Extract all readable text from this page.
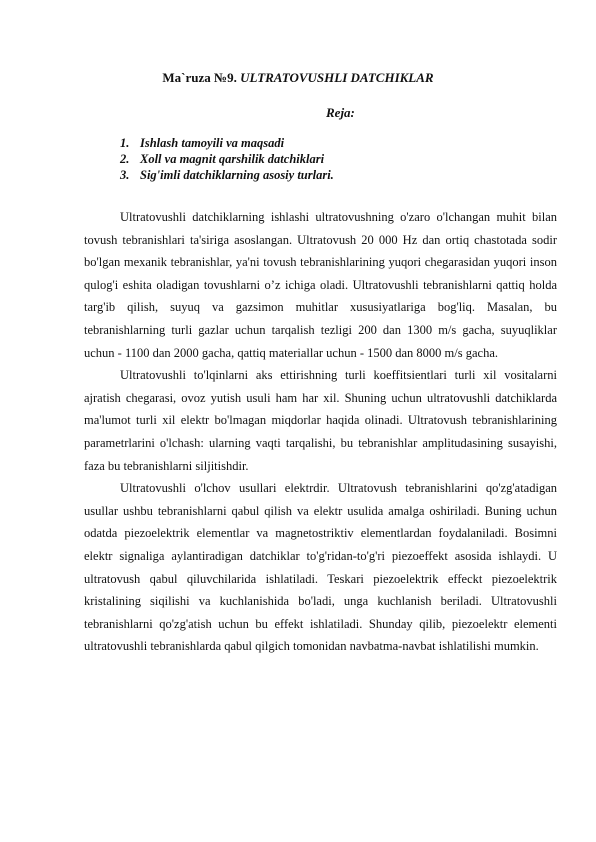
Ma`ruza №9. ULTRATOVUSHLI DATCHIKLAR
Reja:
1. Ishlash tamoyili va maqsadi
2. Xoll va magnit qarshilik datchiklari
3. Sig'imli datchiklarning asosiy turlari.

Ultratovushli datchiklarning ishlashi ultratovushning o'zaro o'lchangan muhit bilan tovush tebranishlari ta'siriga asoslangan. Ultratovush 20 000 Hz dan ortiq chastotada sodir bo'lgan mexanik tebranishlar, ya'ni tovush tebranishlarining yuqori chegarasidan yuqori inson qulog'i eshita oladigan tovushlarni o’z ichiga oladi. Ultratovushli tebranishlarni qattiq holda targ'ib qilish, suyuq va gazsimon muhitlar xususiyatlariga bog'liq. Masalan, bu tebranishlarning turli gazlar uchun tarqalish tezligi 200 dan 1300 m/s gacha, suyuqliklar uchun - 1100 dan 2000 gacha, qattiq materiallar uchun - 1500 dan 8000 m/s gacha.

Ultratovushli to'lqinlarni aks ettirishning turli koeffitsientlari turli xil vositalarni ajratish chegarasi, ovoz yutish usuli ham har xil. Shuning uchun ultratovushli datchiklarda ma'lumot turli xil elektr bo'lmagan miqdorlar haqida olinadi. Ultratovush tebranishlarining parametrlarini o'lchash: ularning vaqti tarqalishi, bu tebranishlar amplitudasining susayishi, faza bu tebranishlarni siljitishdir.

Ultratovushli o'lchov usullari elektrdir. Ultratovush tebranishlarini qo'zg'atadigan usullar ushbu tebranishlarni qabul qilish va elektr usulida amalga oshiriladi. Buning uchun odatda piezoelektrik elementlar va magnetostriktiv elementlardan foydalaniladi. Bosimni elektr signaliga aylantiradigan datchiklar to'g'ridan-to'g'ri piezoeffekt asosida ishlaydi. U ultratovush qabul qiluvchilarida ishlatiladi. Teskari piezoelektrik effeckt piezoelektrik kristalining siqilishi va kuchlanishida bo'ladi, unga kuchlanish beriladi. Ultratovushli tebranishlarni qo'zg'atish uchun bu effekt ishlatiladi. Shunday qilib, piezoelektr elementi ultratovushli tebranishlarda qabul qilgich tomonidan navbatma-navbat ishlatilishi mumkin.
